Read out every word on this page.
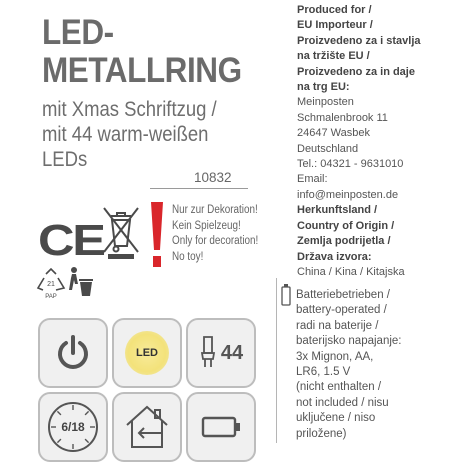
LED-
METALLRING
mit Xmas Schriftzug /
mit 44 warm-weißen
LEDs
10832
CE
Nur zur Dekoration!
Kein Spielzeug!
Only for decoration!
No toy!
21
PAP
LED	44
6/18
Batteriebetrieben /
battery-operated /
radi na baterije /
baterijsko napajanje:
3x Mignon, AA,
LR6, 1.5 V
(nicht enthalten /
not included / nisu
uključene / niso
priložene)
Produced for /
EU Importeur /
Proizvedeno za i stavlja
na tržište EU /
Proizvedeno za in daje
na trg EU:
Meinposten
Schmalenbrook 11
24647 Wasbek
Deutschland
Tel.: 04321 - 9631010
Email:
info@meinposten.de
Herkunftsland /
Country of Origin /
Zemlja podrijetla /
Država izvora:
China / Kina / Kitajska
